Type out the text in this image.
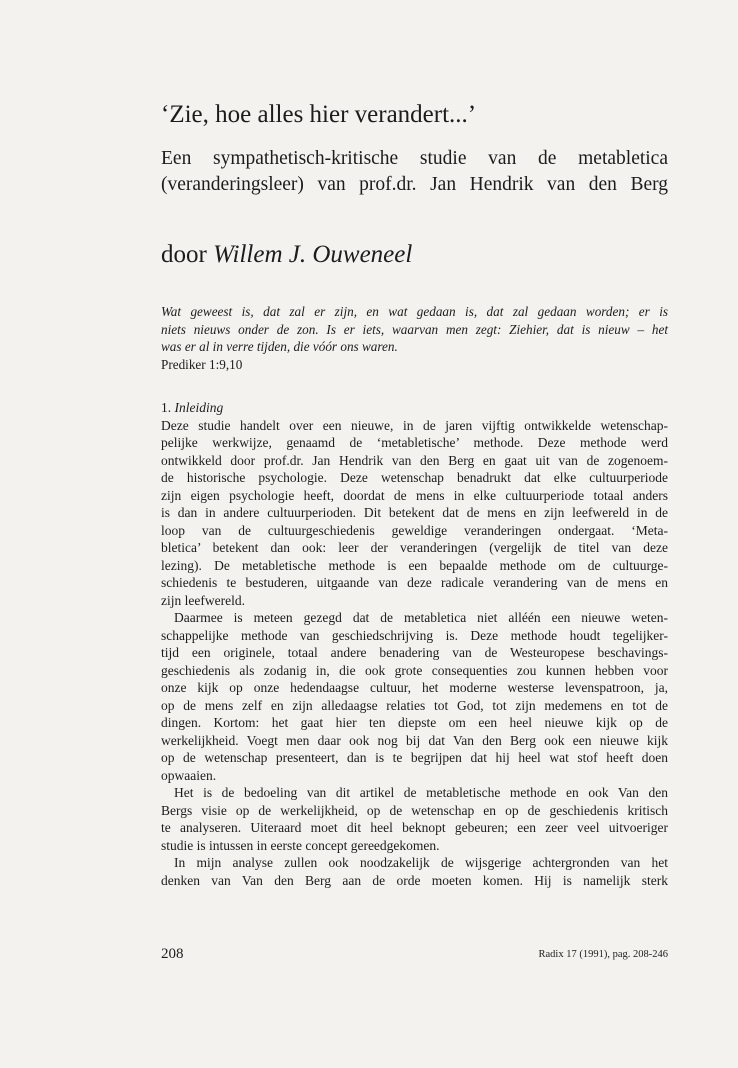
‘Zie, hoe alles hier verandert...’
Een sympathetisch-kritische studie van de metabletica
(veranderingsleer) van prof.dr. Jan Hendrik van den Berg
door Willem J. Ouweneel
Wat geweest is, dat zal er zijn, en wat gedaan is, dat zal gedaan worden; er is
niets nieuws onder de zon. Is er iets, waarvan men zegt: Ziehier, dat is nieuw – het
was er al in verre tijden, die vóór ons waren.
Prediker 1:9,10
1. Inleiding
Deze studie handelt over een nieuwe, in de jaren vijftig ontwikkelde wetenschap-
pelijke werkwijze, genaamd de ‘metabletische’ methode. Deze methode werd
ontwikkeld door prof.dr. Jan Hendrik van den Berg en gaat uit van de zogenoem-
de historische psychologie. Deze wetenschap benadrukt dat elke cultuurperiode
zijn eigen psychologie heeft, doordat de mens in elke cultuurperiode totaal anders
is dan in andere cultuurperioden. Dit betekent dat de mens en zijn leefwereld in de
loop van de cultuurgeschiedenis geweldige veranderingen ondergaat. ‘Meta-
bletica’ betekent dan ook: leer der veranderingen (vergelijk de titel van deze
lezing). De metabletische methode is een bepaalde methode om de cultuurge-
schiedenis te bestuderen, uitgaande van deze radicale verandering van de mens en
zijn leefwereld.
Daarmee is meteen gezegd dat de metabletica niet alléén een nieuwe weten-
schappelijke methode van geschiedschrijving is. Deze methode houdt tegelijker-
tijd een originele, totaal andere benadering van de Westeuropese beschavings-
geschiedenis als zodanig in, die ook grote consequenties zou kunnen hebben voor
onze kijk op onze hedendaagse cultuur, het moderne westerse levenspatroon, ja,
op de mens zelf en zijn alledaagse relaties tot God, tot zijn medemens en tot de
dingen. Kortom: het gaat hier ten diepste om een heel nieuwe kijk op de
werkelijkheid. Voegt men daar ook nog bij dat Van den Berg ook een nieuwe kijk
op de wetenschap presenteert, dan is te begrijpen dat hij heel wat stof heeft doen
opwaaien.
Het is de bedoeling van dit artikel de metabletische methode en ook Van den
Bergs visie op de werkelijkheid, op de wetenschap en op de geschiedenis kritisch
te analyseren. Uiteraard moet dit heel beknopt gebeuren; een zeer veel uitvoeriger
studie is intussen in eerste concept gereedgekomen.
In mijn analyse zullen ook noodzakelijk de wijsgerige achtergronden van het
denken van Van den Berg aan de orde moeten komen. Hij is namelijk sterk
208	Radix 17 (1991), pag. 208-246
